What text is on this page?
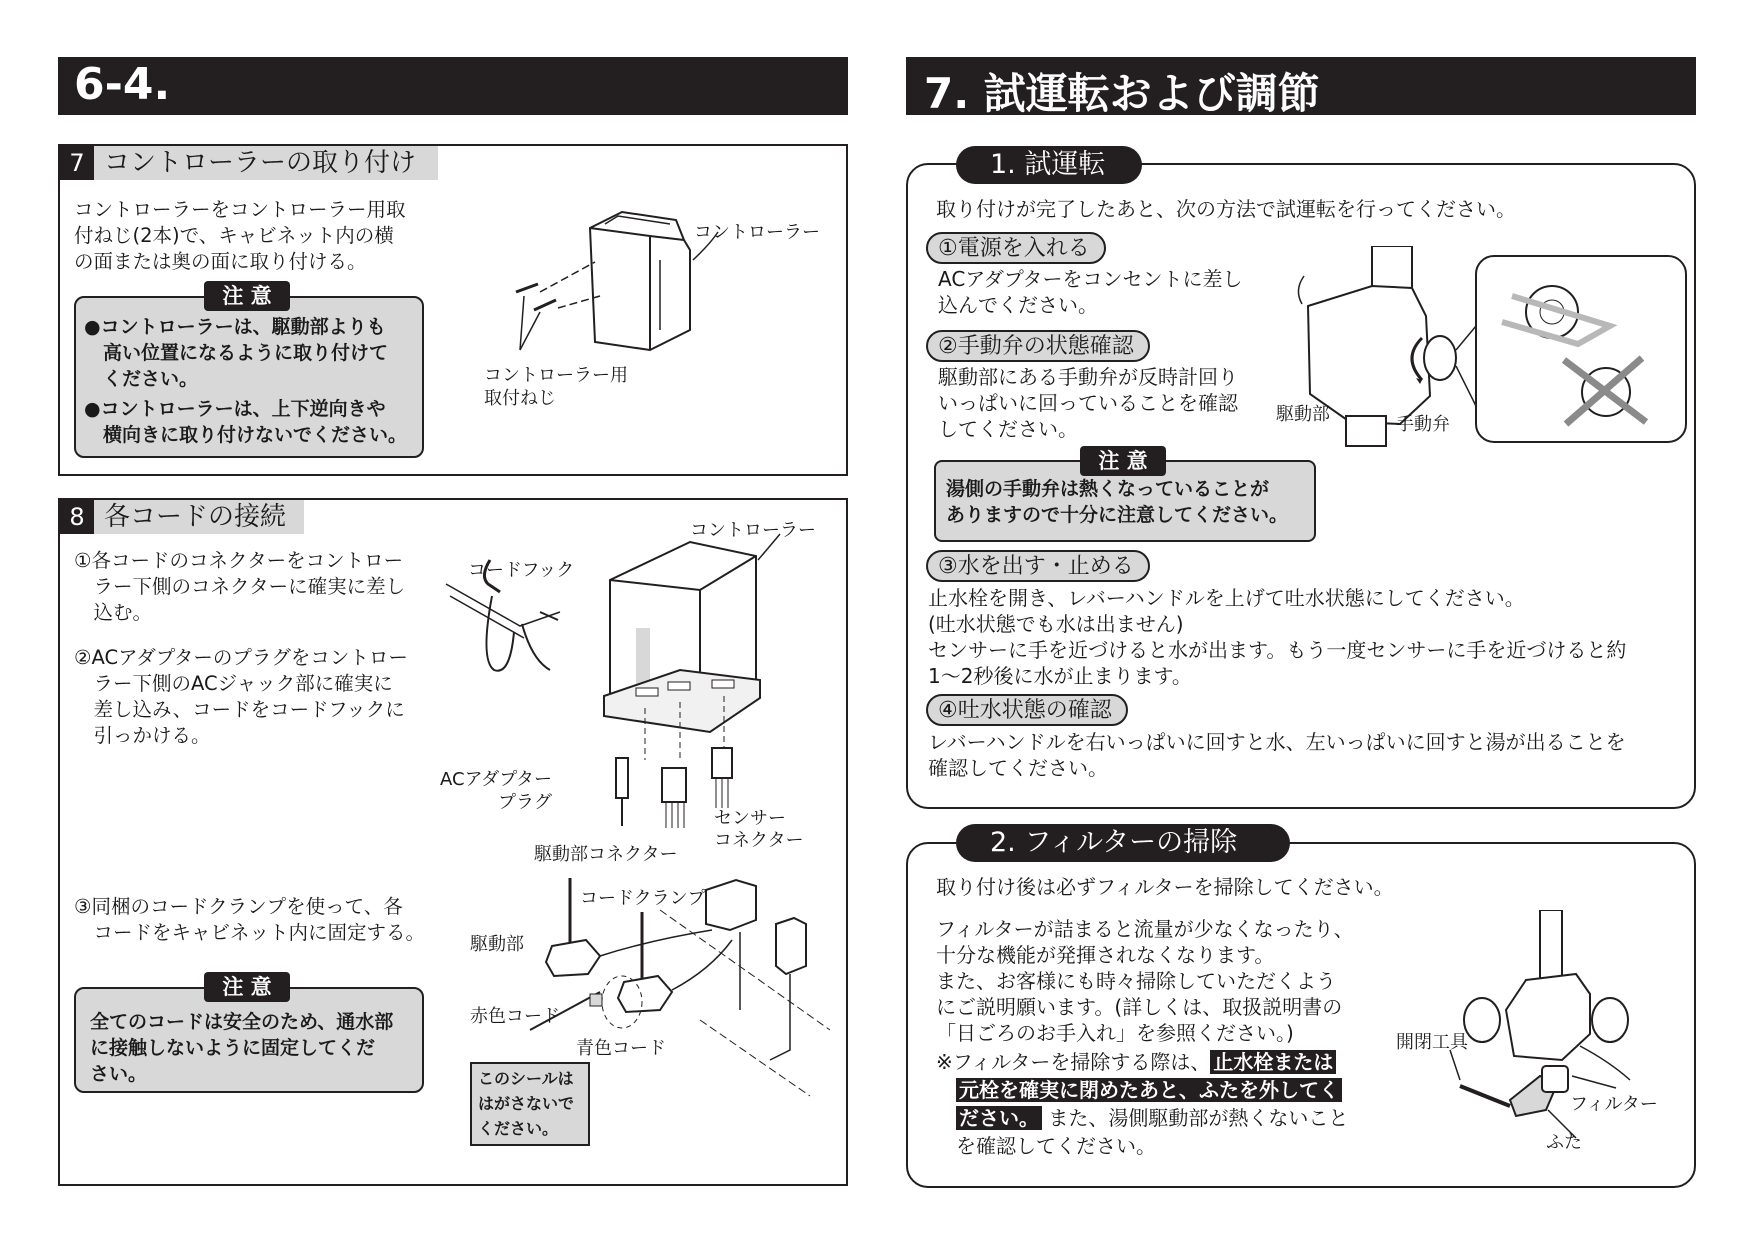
6-4.
7 コントローラーの取り付け
コントローラーをコントローラー用取
付ねじ(2本)で、キャビネット内の横
の面または奥の面に取り付ける。
●コントローラーは、駆動部よりも
　高い位置になるように取り付けて
　ください。
●コントローラーは、上下逆向きや
　横向きに取り付けないでください。
注 意
コントローラー
コントローラー用
取付ねじ
8 各コードの接続
①各コードのコネクターをコントロー
　ラー下側のコネクターに確実に差し
　込む。
②ACアダプターのプラグをコントロー
　ラー下側のACジャック部に確実に
　差し込み、コードをコードフックに
　引っかける。
③同梱のコードクランプを使って、各
　コードをキャビネット内に固定する。
全てのコードは安全のため、通水部
に接触しないように固定してくだ
さい。
注 意
コントローラー
コードフック
ACアダプター
プラグ
駆動部コネクター
センサー
コネクター
コードクランプ
駆動部
赤色コード
青色コード
このシールは
はがさないで
ください。
7. 試運転および調節
1. 試運転
取り付けが完了したあと、次の方法で試運転を行ってください。
①電源を入れる
ACアダプターをコンセントに差し
込んでください。
②手動弁の状態確認
駆動部にある手動弁が反時計回り
いっぱいに回っていることを確認
してください。
湯側の手動弁は熱くなっていることが
ありますので十分に注意してください。
注 意
駆動部	手動弁
③水を出す・止める
止水栓を開き、レバーハンドルを上げて吐水状態にしてください。
(吐水状態でも水は出ません)
センサーに手を近づけると水が出ます。もう一度センサーに手を近づけると約
1〜2秒後に水が止まります。
④吐水状態の確認
レバーハンドルを右いっぱいに回すと水、左いっぱいに回すと湯が出ることを
確認してください。
2. フィルターの掃除
取り付け後は必ずフィルターを掃除してください。
フィルターが詰まると流量が少なくなったり、
十分な機能が発揮されなくなります。
また、お客様にも時々掃除していただくよう
にご説明願います。(詳しくは、取扱説明書の
「日ごろのお手入れ」を参照ください。)
※フィルターを掃除する際は、 止水栓または
元栓を確実に閉めたあと、ふたを外してく
ださい。 また、湯側駆動部が熱くないこと
を確認してください。
開閉工具
フィルター
ふた
